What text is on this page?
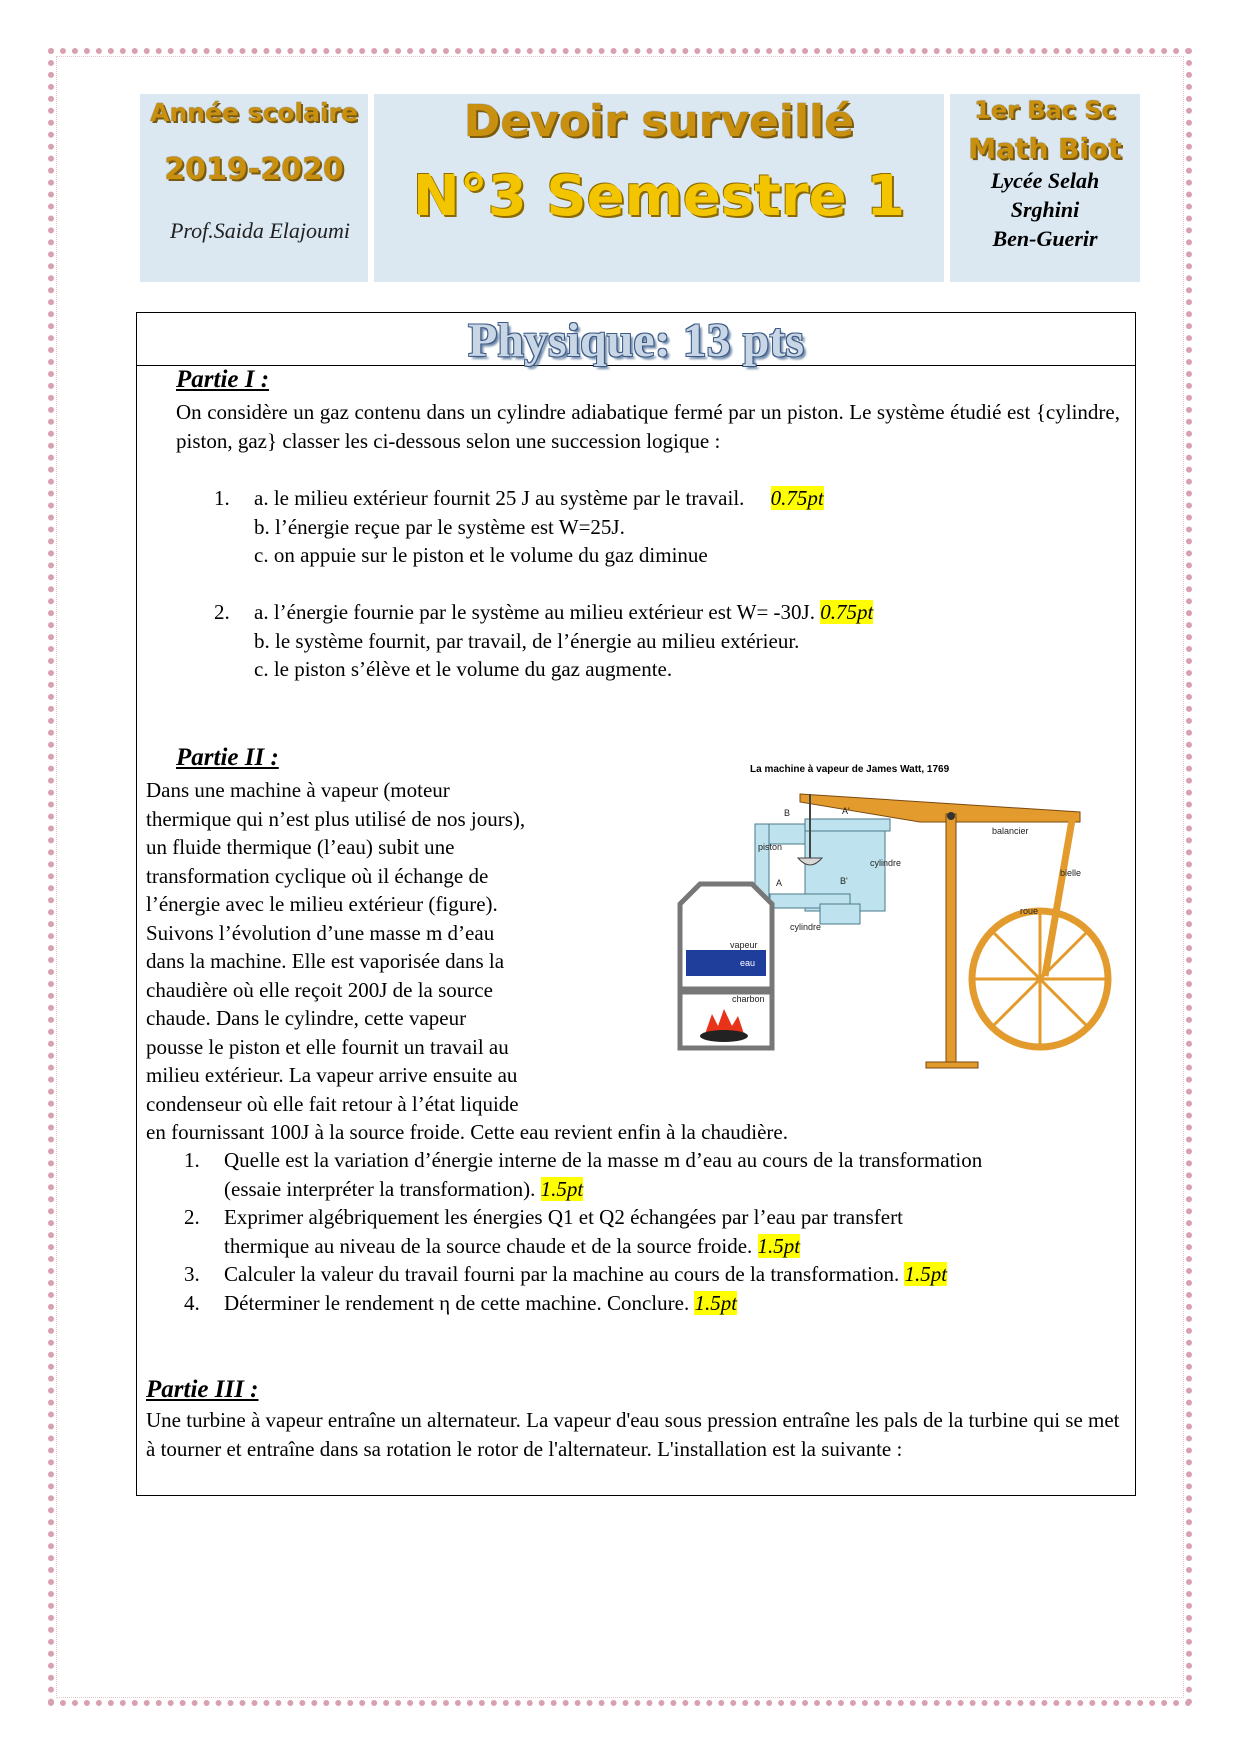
Année scolaire
2019-2020
Prof.Saida Elajoumi
Devoir surveillé
N°3 Semestre 1
1er Bac Sc
Math Biot
Lycée Selah
Srghini
Ben-Guerir
Physique: 13 pts
Partie I :
On considère un gaz contenu dans un cylindre adiabatique fermé par un piston. Le système étudié est {cylindre, piston, gaz} classer les ci-dessous selon une succession logique :
1. a. le milieu extérieur fournit 25 J au système par le travail. 0.75pt
b. l’énergie reçue par le système est W=25J.
c. on appuie sur le piston et le volume du gaz diminue
2. a. l’énergie fournie par le système au milieu extérieur est W= -30J. 0.75pt
b. le système fournit, par travail, de l’énergie au milieu extérieur.
c. le piston s’élève et le volume du gaz augmente.
Partie II :
Dans une machine à vapeur (moteur
thermique qui n’est plus utilisé de nos jours),
un fluide thermique (l’eau) subit une
transformation cyclique où il échange de
l’énergie avec le milieu extérieur (figure).
Suivons l’évolution d’une masse m d’eau
dans la machine. Elle est vaporisée dans la
chaudière où elle reçoit 200J de la source
chaude. Dans le cylindre, cette vapeur
pousse le piston et elle fournit un travail au
milieu extérieur. La vapeur arrive ensuite au
condenseur où elle fait retour à l’état liquide
en fournissant 100J à la source froide. Cette eau revient enfin à la chaudière.
La machine à vapeur de James Watt, 1769
balancier
B	A'
piston
cylindre
A	B'
cylindre
bielle
roue
vapeur
eau
charbon
1. Quelle est la variation d’énergie interne de la masse m d’eau au cours de la transformation
(essaie interpréter la transformation). 1.5pt
2. Exprimer algébriquement les énergies Q1 et Q2 échangées par l’eau par transfert
thermique au niveau de la source chaude et de la source froide. 1.5pt
3. Calculer la valeur du travail fourni par la machine au cours de la transformation. 1.5pt
4. Déterminer le rendement η de cette machine. Conclure. 1.5pt
Partie III :
Une turbine à vapeur entraîne un alternateur. La vapeur d'eau sous pression entraîne les pals de la turbine qui se met à tourner et entraîne dans sa rotation le rotor de l'alternateur. L'installation est la suivante :
